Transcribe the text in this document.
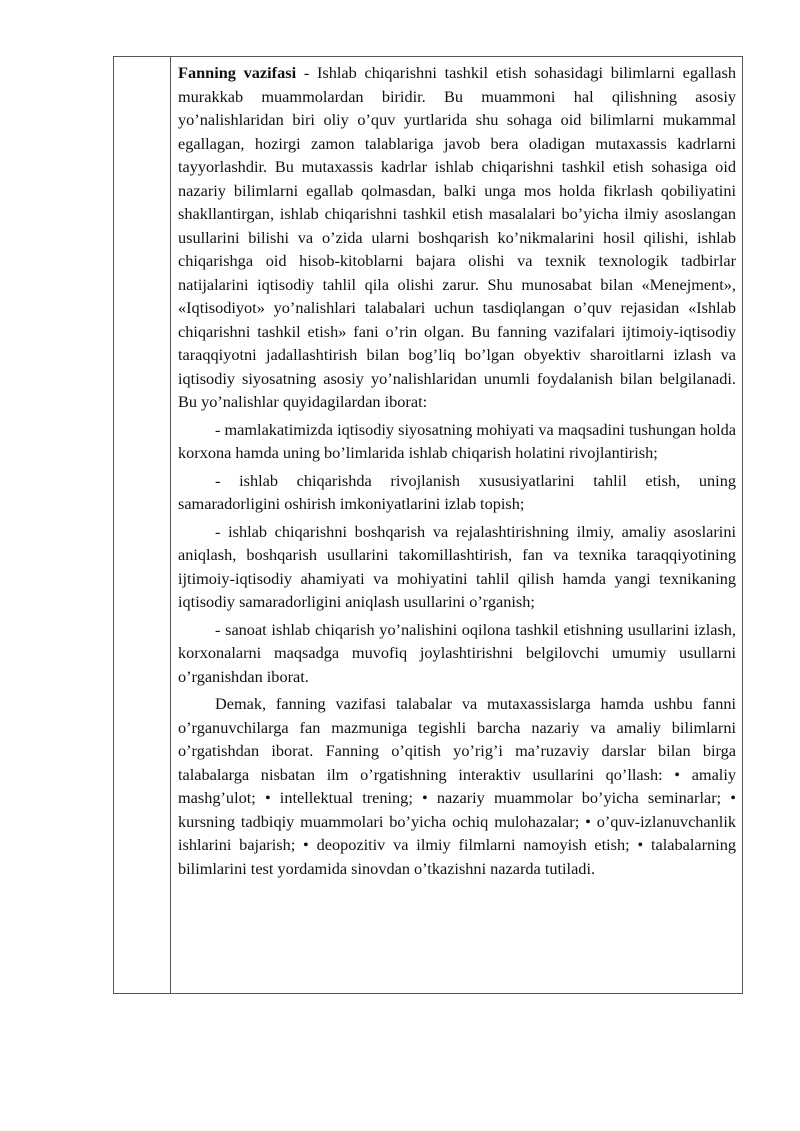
Fanning vazifasi - Ishlab chiqarishni tashkil etish sohasidagi bilimlarni egallash murakkab muammolardan biridir. Bu muammoni hal qilishning asosiy yo’nalishlaridan biri oliy o’quv yurtlarida shu sohaga oid bilimlarni mukammal egallagan, hozirgi zamon talablariga javob bera oladigan mutaxassis kadrlarni tayyorlashdir. Bu mutaxassis kadrlar ishlab chiqarishni tashkil etish sohasiga oid nazariy bilimlarni egallab qolmasdan, balki unga mos holda fikrlash qobiliyatini shakllantirgan, ishlab chiqarishni tashkil etish masalalari bo’yicha ilmiy asoslangan usullarini bilishi va o’zida ularni boshqarish ko’nikmalarini hosil qilishi, ishlab chiqarishga oid hisob-kitoblarni bajara olishi va texnik texnologik tadbirlar natijalarini iqtisodiy tahlil qila olishi zarur. Shu munosabat bilan «Menejment», «Iqtisodiyot» yo’nalishlari talabalari uchun tasdiqlangan o’quv rejasidan «Ishlab chiqarishni tashkil etish» fani o’rin olgan. Bu fanning vazifalari ijtimoiy-iqtisodiy taraqqiyotni jadallashtirish bilan bog’liq bo’lgan obyektiv sharoitlarni izlash va iqtisodiy siyosatning asosiy yo’nalishlaridan unumli foydalanish bilan belgilanadi. Bu yo’nalishlar quyidagilardan iborat:

- mamlakatimizda iqtisodiy siyosatning mohiyati va maqsadini tushungan holda korxona hamda uning bo’limlarida ishlab chiqarish holatini rivojlantirish;

- ishlab chiqarishda rivojlanish xususiyatlarini tahlil etish, uning samaradorligini oshirish imkoniyatlarini izlab topish;

- ishlab chiqarishni boshqarish va rejalashtirishning ilmiy, amaliy asoslarini aniqlash, boshqarish usullarini takomillashtirish, fan va texnika taraqqiyotining ijtimoiy-iqtisodiy ahamiyati va mohiyatini tahlil qilish hamda yangi texnikaning iqtisodiy samaradorligini aniqlash usullarini o’rganish;

- sanoat ishlab chiqarish yo’nalishini oqilona tashkil etishning usullarini izlash, korxonalarni maqsadga muvofiq joylashtirishni belgilovchi umumiy usullarni o’rganishdan iborat.

Demak, fanning vazifasi talabalar va mutaxassislarga hamda ushbu fanni o’rganuvchilarga fan mazmuniga tegishli barcha nazariy va amaliy bilimlarni o’rgatishdan iborat. Fanning o’qitish yo’rig’i ma’ruzaviy darslar bilan birga talabalarga nisbatan ilm o’rgatishning interaktiv usullarini qo’llash: • amaliy mashg’ulot; • intellektual trening; • nazariy muammolar bo’yicha seminarlar; • kursning tadbiqiy muammolari bo’yicha ochiq mulohazalar; • o’quv-izlanuvchanlik ishlarini bajarish; • deopozitiv va ilmiy filmlarni namoyish etish; • talabalarning bilimlarini test yordamida sinovdan o’tkazishni nazarda tutiladi.
